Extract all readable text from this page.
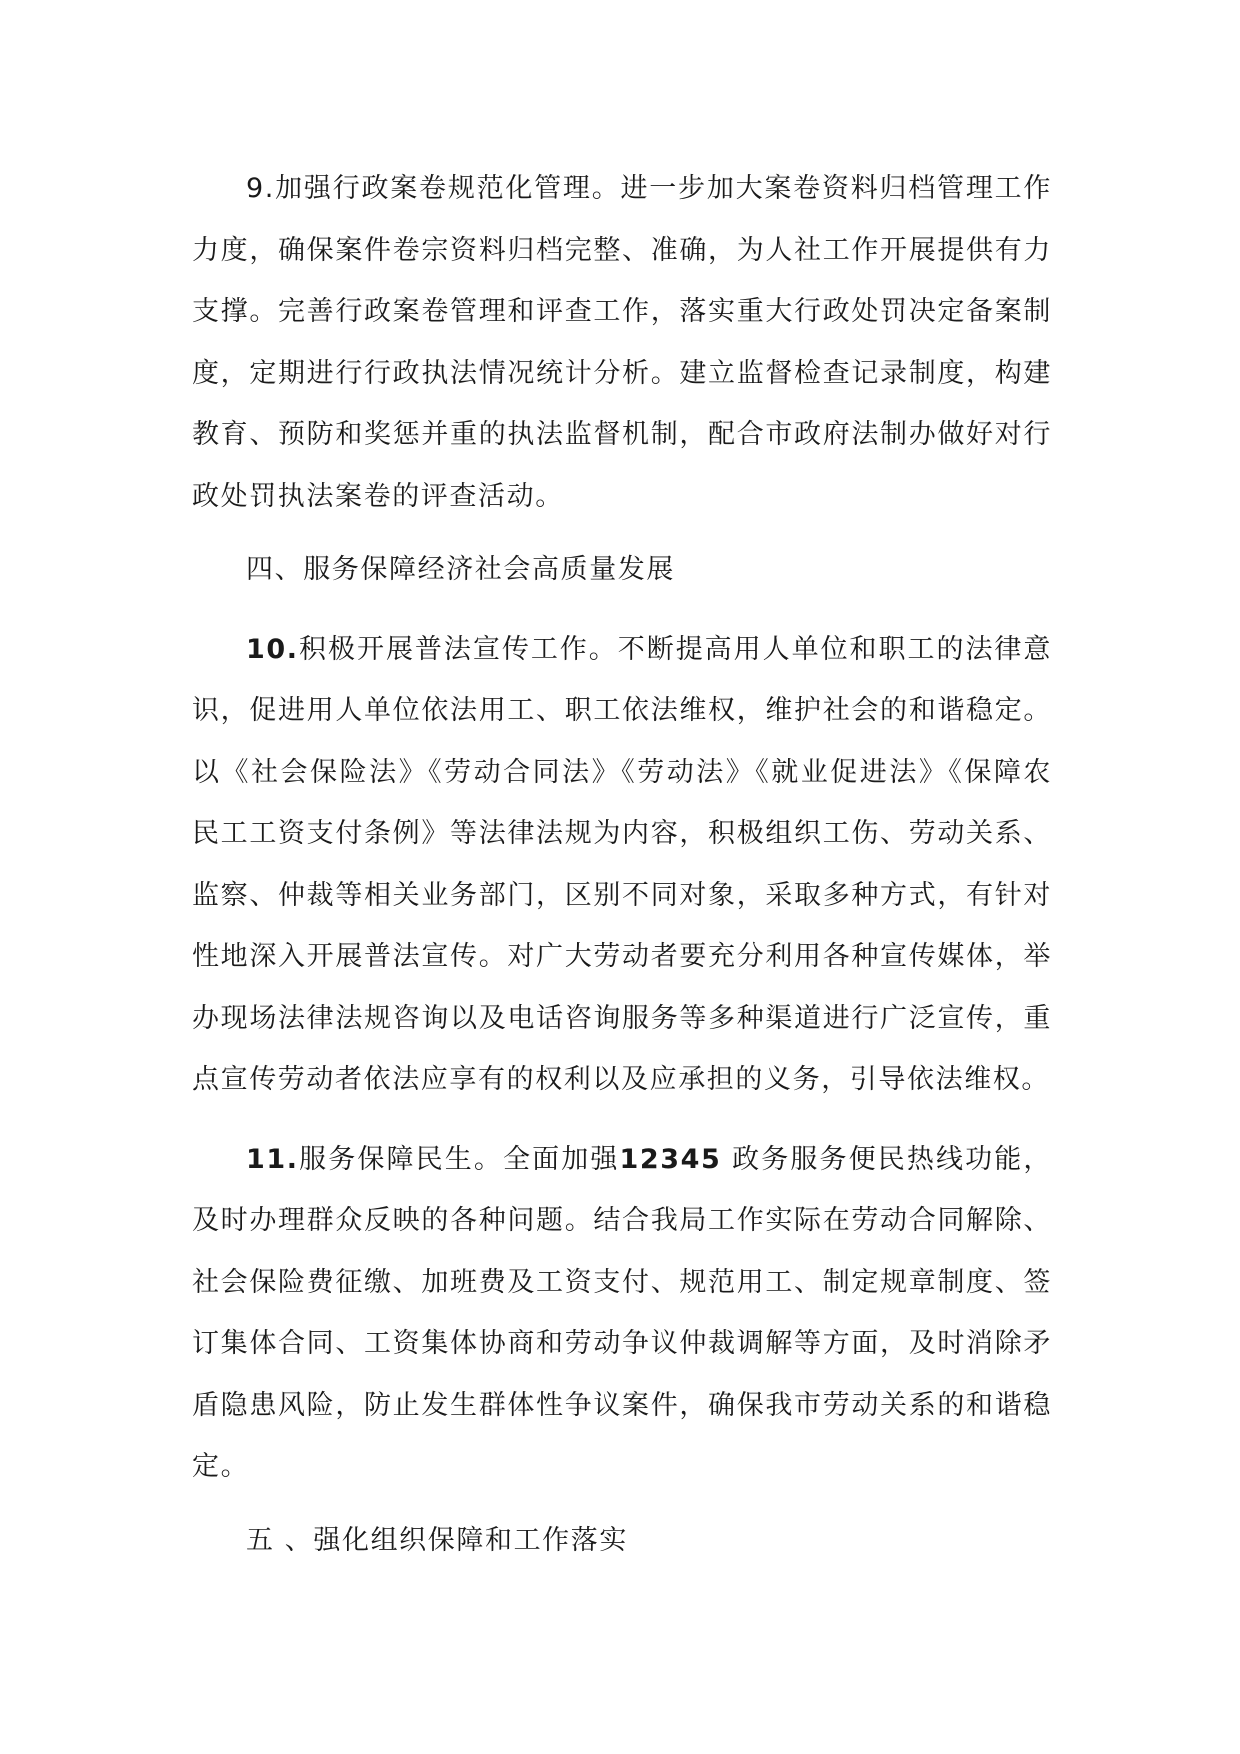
9.加强行政案卷规范化管理。进一步加大案卷资料归档管理工作力度，确保案件卷宗资料归档完整、准确，为人社工作开展提供有力支撑。完善行政案卷管理和评查工作，落实重大行政处罚决定备案制度，定期进行行政执法情况统计分析。建立监督检查记录制度，构建教育、预防和奖惩并重的执法监督机制，配合市政府法制办做好对行政处罚执法案卷的评查活动。

四、服务保障经济社会高质量发展

10.积极开展普法宣传工作。不断提高用人单位和职工的法律意识，促进用人单位依法用工、职工依法维权，维护社会的和谐稳定。以《社会保险法》《劳动合同法》《劳动法》《就业促进法》《保障农民工工资支付条例》等法律法规为内容，积极组织工伤、劳动关系、监察、仲裁等相关业务部门，区别不同对象，采取多种方式，有针对性地深入开展普法宣传。对广大劳动者要充分利用各种宣传媒体，举办现场法律法规咨询以及电话咨询服务等多种渠道进行广泛宣传，重点宣传劳动者依法应享有的权利以及应承担的义务，引导依法维权。

11.服务保障民生。全面加强12345 政务服务便民热线功能，及时办理群众反映的各种问题。结合我局工作实际在劳动合同解除、社会保险费征缴、加班费及工资支付、规范用工、制定规章制度、签订集体合同、工资集体协商和劳动争议仲裁调解等方面，及时消除矛盾隐患风险，防止发生群体性争议案件，确保我市劳动关系的和谐稳定。

五 、强化组织保障和工作落实
